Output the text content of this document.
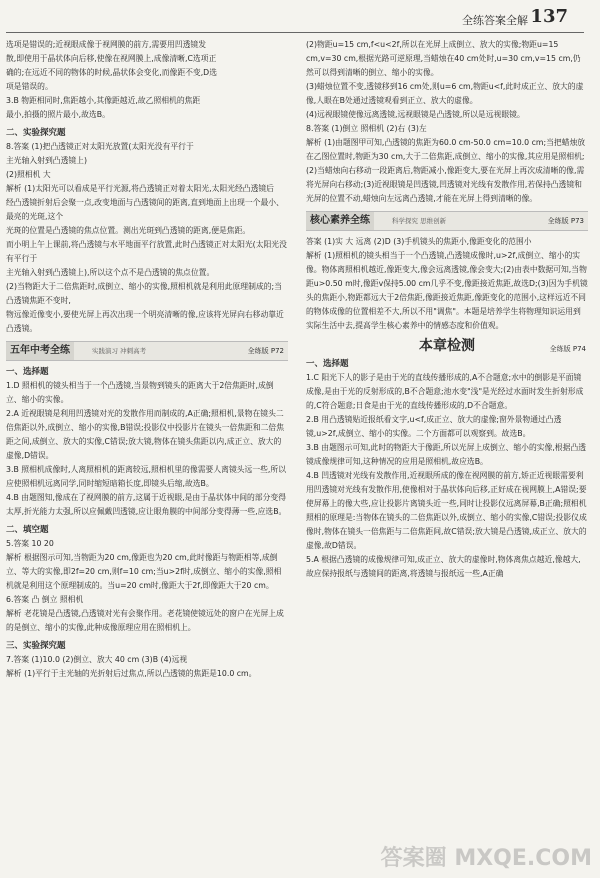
全练答案全解 137

选项是错误的;近视眼成像于视网膜的前方,需要用凹透镜发

散,即使用于晶状体向后移,使像在视网膜上,成像清晰,C选项正

确的;在远近不同的物体的时候,晶状体会变化,而像距不变,D选

项是错误的。

3.B 物距相同时,焦距越小,其像距越近,故乙照相机的焦距

最小,拍摄的照片最小,故选B。

二、实验探究题

8.答案 (1)把凸透镜正对太阳光放置(太阳光没有平行于

主光轴入射到凸透镜上)

(2)照相机 大

解析 (1)太阳光可以看成是平行光源,将凸透镜正对着太阳光,太阳光经凸透镜后

经凸透镜折射后会聚一点,改变地面与凸透镜间的距离,直到地面上出现一个最小、最亮的光斑,这个

光斑的位置是凸透镜的焦点位置。测出光斑到凸透镜的距离,便是焦距。

而小明上午上课前,将凸透镜与水平地面平行放置,此时凸透镜正对太阳光(太阳光没有平行于

主光轴入射到凸透镜上),所以这个点不是凸透镜的焦点位置。

(2)当物距大于二倍焦距时,成倒立、缩小的实像,照相机就是利用此原理制成的;当凸透镜焦距不变时,

物远像近像变小,要使光屏上再次出现一个明亮清晰的像,应该将光屏向右移动靠近凸透镜。

五年中考全练	实践演习 冲刺高考	全练版 P72
一、选择题

1.D 照相机的镜头相当于一个凸透镜,当景物到镜头的距离大于2倍焦距时,成倒立、缩小的实像。

2.A 近视眼镜是利用凹透镜对光的发散作用而制成的,A正确;照相机,景物在镜头二倍焦距以外,成倒立、缩小的实像,B错误;投影仪中投影片在镜头一倍焦距和二倍焦距之间,成倒立、放大的实像,C错误;放大镜,物体在镜头焦距以内,成正立、放大的虚像,D错误。

3.B 照相机成像时,人离照相机的距离较远,照相机里的像需要人离镜头远一些,所以应使照相机远离同学,同时缩短暗箱长度,即镜头后缩,故选B。

4.B 由题图知,像成在了视网膜的前方,这属于近视眼,是由于晶状体中间的部分变得太厚,折光能力太强,所以应佩戴凹透镜,应让眼角膜的中间部分变得薄一些,应选B。

二、填空题

5.答案 10 20

解析 根据图示可知,当物距为20 cm,像距也为20 cm,此时像距与物距相等,成倒立、等大的实像,即2f=20 cm,则f=10 cm;当u>2f时,成倒立、缩小的实像,照相机就是利用这个原理制成的。当u=20 cm时,像距大于2f,即像距大于20 cm。

6.答案 凸 倒立 照相机

解析 老花镜是凸透镜,凸透镜对光有会聚作用。老花镜使镜远处的窗户在光屏上成的是倒立、缩小的实像,此种成像原理应用在照相机上。

三、实验探究题

7.答案 (1)10.0 (2)倒立、放大 40 cm (3)B (4)远视

解析 (1)平行于主光轴的光折射后过焦点,所以凸透镜的焦距是10.0 cm。

(2)物距u=15 cm,f<u<2f,所以在光屏上成倒立、放大的实像;物距u=15 cm,v=30 cm,根据光路可逆原理,当蜡烛在40 cm处时,u=30 cm,v=15 cm,仍然可以得到清晰的倒立、缩小的实像。

(3)蜡烛位置不变,透镜移到16 cm处,则u=6 cm,物距u<f,此时成正立、放大的虚像,人眼在B处通过透镜观看到正立、放大的虚像。

(4)远视眼镜使像远离透镜,远视眼镜是凸透镜,所以是远视眼镜。

8.答案 (1)倒立 照相机 (2)右 (3)左

解析 (1)由题图甲可知,凸透镜的焦距为60.0 cm-50.0 cm=10.0 cm;当把蜡烛放在乙图位置时,物距为30 cm,大于二倍焦距,成倒立、缩小的实像,其应用是照相机;(2)当蜡烛向右移动一段距离后,物距减小,像距变大,要在光屏上再次成清晰的像,需将光屏向右移动;(3)近视眼镜是凹透镜,凹透镜对光线有发散作用,若保持凸透镜和光屏的位置不动,蜡烛向左远离凸透镜,才能在光屏上得到清晰的像。

核心素养全练	科学探究 思维创新	全练版 P73

答案 (1)实 大 远离 (2)D (3)手机镜头的焦距小,像距变化的范围小

解析 (1)照相机的镜头相当于一个凸透镜,凸透镜成像时,u>2f,成倒立、缩小的实像。物体离照相机越近,像距变大,像会远离透镜,像会变大;(2)由表中数据可知,当物距u>0.50 m时,像距v保持5.00 cm几乎不变,像距接近焦距,故选D;(3)因为手机镜头的焦距小,物距都远大于2倍焦距,像距接近焦距,像距变化的范围小,这样远近不同的物体成像的位置相差不大,所以不用"调焦"。本题是培养学生将物理知识运用到实际生活中去,提高学生核心素养中的情感态度和价值观。

本章检测	全练版 P74
一、选择题

1.C 阳光下人的影子是由于光的直线传播形成的,A不合题意;水中的倒影是平面镜成像,是由于光的反射形成的,B不合题意;池水变"浅"是光经过水面时发生折射形成的,C符合题意;日食是由于光的直线传播形成的,D不合题意。

2.B 用凸透镜贴近报纸看文字,u<f,成正立、放大的虚像;窗外景物通过凸透镜,u>2f,成倒立、缩小的实像。二个方面都可以观察到。故选B。

3.B 由题图示可知,此时的物距大于像距,所以光屏上成倒立、缩小的实像,根据凸透镜成像规律可知,这种情况的应用是照相机,故应选B。

4.B 凹透镜对光线有发散作用,近视眼所成的像在视网膜的前方,矫正近视眼需要利用凹透镜对光线有发散作用,使像相对于晶状体向后移,正好成在视网膜上,A错误;要使屏幕上的像大些,应让投影片离镜头近一些,同时让投影仪远离屏幕,B正确;照相机照相的原理是:当物体在镜头的二倍焦距以外,成倒立、缩小的实像,C错误;投影仪成像时,物体在镜头一倍焦距与二倍焦距间,故C错误;放大镜是凸透镜,成正立、放大的虚像,故D错误。

5.A 根据凸透镜的成像规律可知,成正立、放大的虚像时,物体离焦点越近,像越大,故应保持报纸与透镜间的距离,将透镜与报纸远一些,A正确

答案圈 MXQE.COM
